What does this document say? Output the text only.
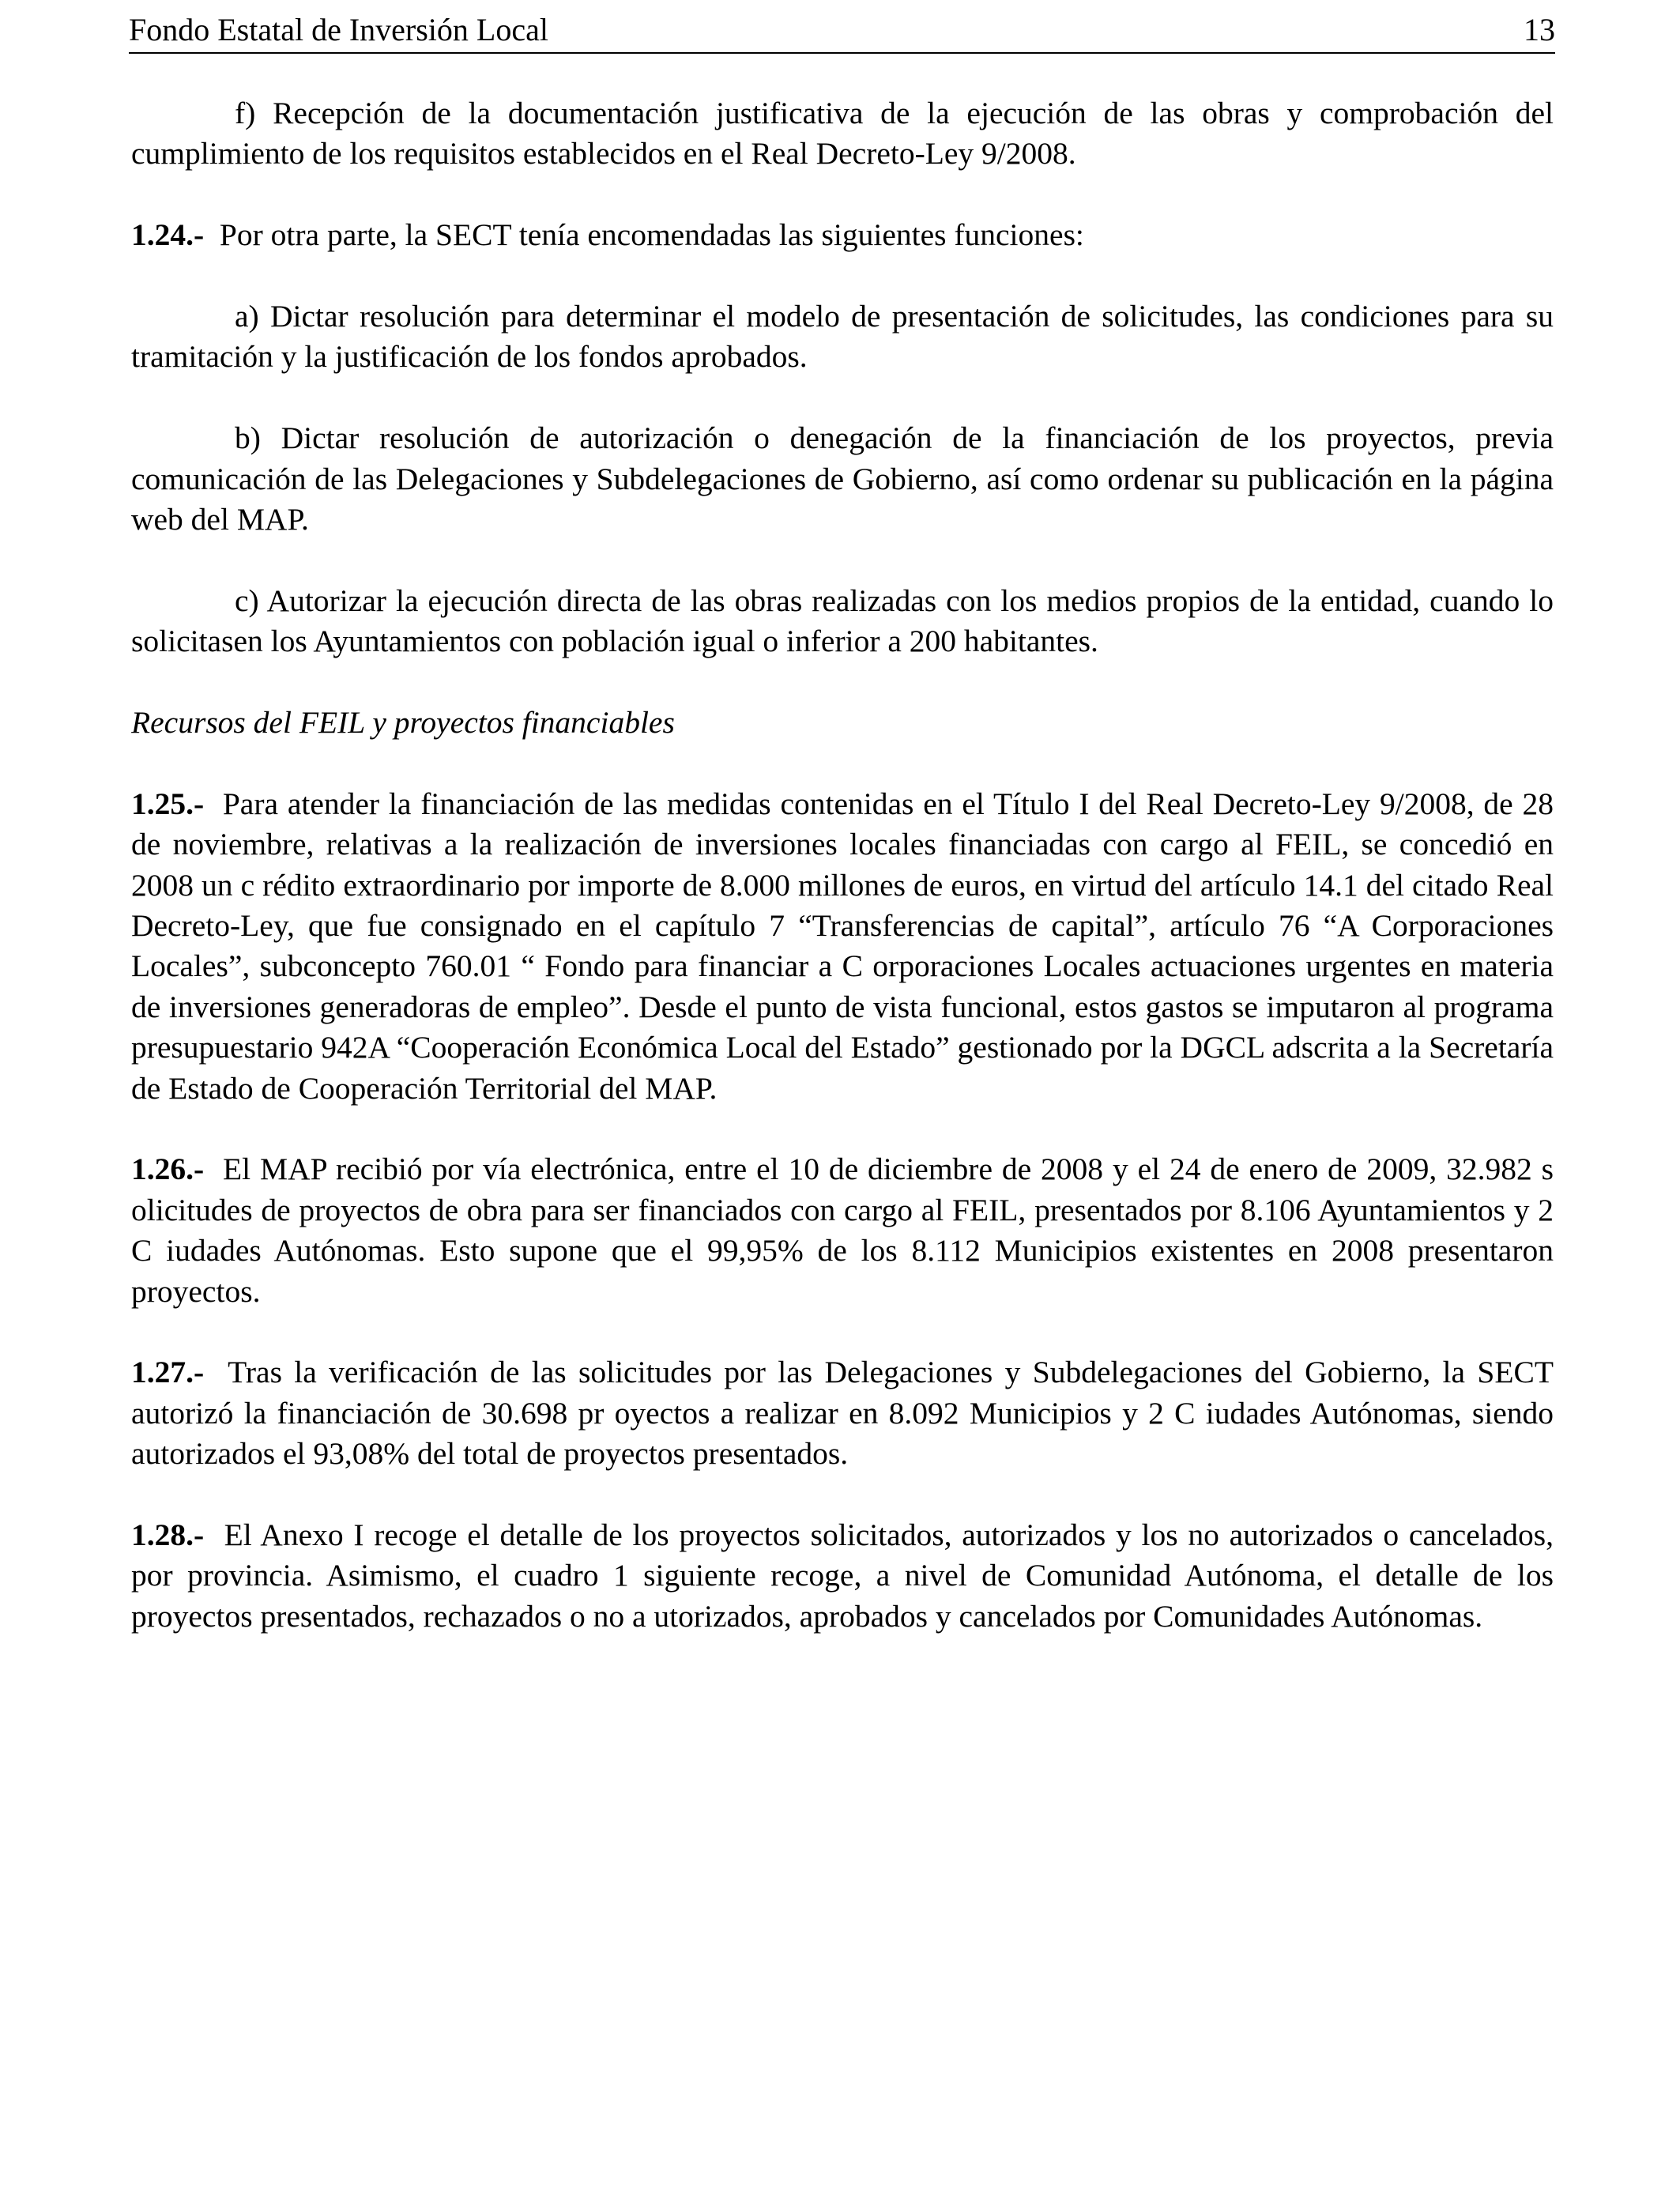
Fondo Estatal de Inversión Local	13

f) Recepción de la documentación justificativa de la ejecución de las obras y comprobación del cumplimiento de los requisitos establecidos en el Real Decreto-Ley 9/2008.

1.24.- Por otra parte, la SECT tenía encomendadas las siguientes funciones:

a) Dictar resolución para determinar el modelo de presentación de solicitudes, las condiciones para su tramitación y la justificación de los fondos aprobados.

b) Dictar resolución de autorización o denegación de la financiación de los proyectos, previa comunicación de las Delegaciones y Subdelegaciones de Gobierno, así como ordenar su publicación en la página web del MAP.

c) Autorizar la ejecución directa de las obras realizadas con los medios propios de la entidad, cuando lo solicitasen los Ayuntamientos con población igual o inferior a 200 habitantes.

Recursos del FEIL y proyectos financiables

1.25.- Para atender la financiación de las medidas contenidas en el Título I del Real Decreto-Ley 9/2008, de 28 de noviembre, relativas a la realización de inversiones locales financiadas con cargo al FEIL, se concedió en 2008 un c rédito extraordinario por importe de 8.000 millones de euros, en virtud del artículo 14.1 del citado Real Decreto-Ley, que fue consignado en el capítulo 7 “Transferencias de capital”, artículo 76 “A Corporaciones Locales”, subconcepto 760.01 “ Fondo para financiar a C orporaciones Locales actuaciones urgentes en materia de inversiones generadoras de empleo”. Desde el punto de vista funcional, estos gastos se imputaron al programa presupuestario 942A “Cooperación Económica Local del Estado” gestionado por la DGCL adscrita a la Secretaría de Estado de Cooperación Territorial del MAP.

1.26.- El MAP recibió por vía electrónica, entre el 10 de diciembre de 2008 y el 24 de enero de 2009, 32.982 s olicitudes de proyectos de obra para ser financiados con cargo al FEIL, presentados por 8.106 Ayuntamientos y 2 C iudades Autónomas. Esto supone que el 99,95% de los 8.112 Municipios existentes en 2008 presentaron proyectos.

1.27.- Tras la verificación de las solicitudes por las Delegaciones y Subdelegaciones del Gobierno, la SECT autorizó la financiación de 30.698 pr oyectos a realizar en 8.092 Municipios y 2 C iudades Autónomas, siendo autorizados el 93,08% del total de proyectos presentados.

1.28.- El Anexo I recoge el detalle de los proyectos solicitados, autorizados y los no autorizados o cancelados, por provincia. Asimismo, el cuadro 1 siguiente recoge, a nivel de Comunidad Autónoma, el detalle de los proyectos presentados, rechazados o no a utorizados, aprobados y cancelados por Comunidades Autónomas.
